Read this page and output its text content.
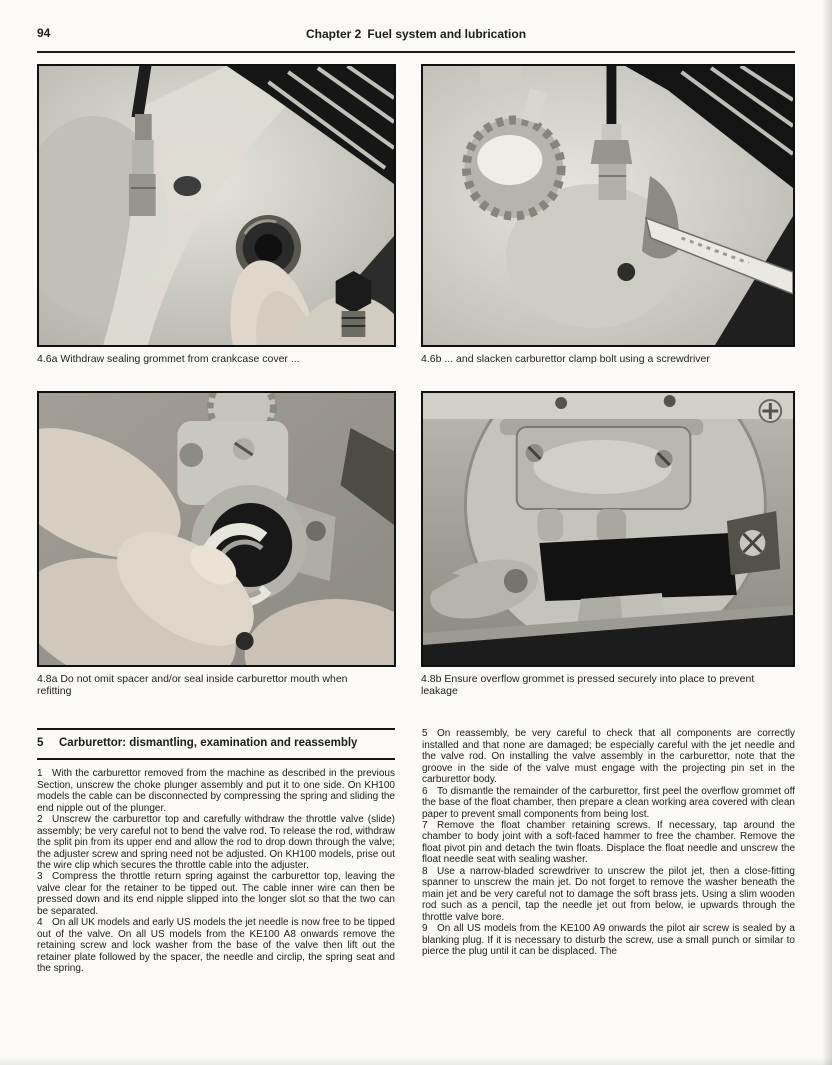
94	Chapter 2 Fuel system and lubrication
4.6a Withdraw sealing grommet from crankcase cover ...	4.6b ... and slacken carburettor clamp bolt using a screwdriver
4.8a Do not omit spacer and/or seal inside carburettor mouth when refitting
4.8b Ensure overflow grommet is pressed securely into place to prevent leakage
5 Carburettor: dismantling, examination and reassembly

1 With the carburettor removed from the machine as described in the previous Section, unscrew the choke plunger assembly and put it to one side. On KH100 models the cable can be disconnected by compressing the spring and sliding the end nipple out of the plunger.

2 Unscrew the carburettor top and carefully withdraw the throttle valve (slide) assembly; be very careful not to bend the valve rod. To release the rod, withdraw the split pin from its upper end and allow the rod to drop down through the valve; the adjuster screw and spring need not be adjusted. On KH100 models, prise out the wire clip which secures the throttle cable into the adjuster.

3 Compress the throttle return spring against the carburettor top, leaving the valve clear for the retainer to be tipped out. The cable inner wire can then be pressed down and its end nipple slipped into the longer slot so that the two can be separated.

4 On all UK models and early US models the jet needle is now free to be tipped out of the valve. On all US models from the KE100 A8 onwards remove the retaining screw and lock washer from the base of the valve then lift out the retainer plate followed by the spacer, the needle and circlip, the spring seat and the spring.

5 On reassembly, be very careful to check that all components are correctly installed and that none are damaged; be especially careful with the jet needle and the valve rod. On installing the valve assembly in the carburettor, note that the groove in the side of the valve must engage with the projecting pin set in the carburettor body.

6 To dismantle the remainder of the carburettor, first peel the overflow grommet off the base of the float chamber, then prepare a clean working area covered with clean paper to prevent small components from being lost.

7 Remove the float chamber retaining screws. If necessary, tap around the chamber to body joint with a soft-faced hammer to free the chamber. Remove the float pivot pin and detach the twin floats. Displace the float needle and unscrew the float needle seat with sealing washer.

8 Use a narrow-bladed screwdriver to unscrew the pilot jet, then a close-fitting spanner to unscrew the main jet. Do not forget to remove the washer beneath the main jet and be very careful not to damage the soft brass jets. Using a slim wooden rod such as a pencil, tap the needle jet out from below, ie upwards through the throttle valve bore.

9 On all US models from the KE100 A9 onwards the pilot air screw is sealed by a blanking plug. If it is necessary to disturb the screw, use a small punch or similar to pierce the plug until it can be displaced. The
